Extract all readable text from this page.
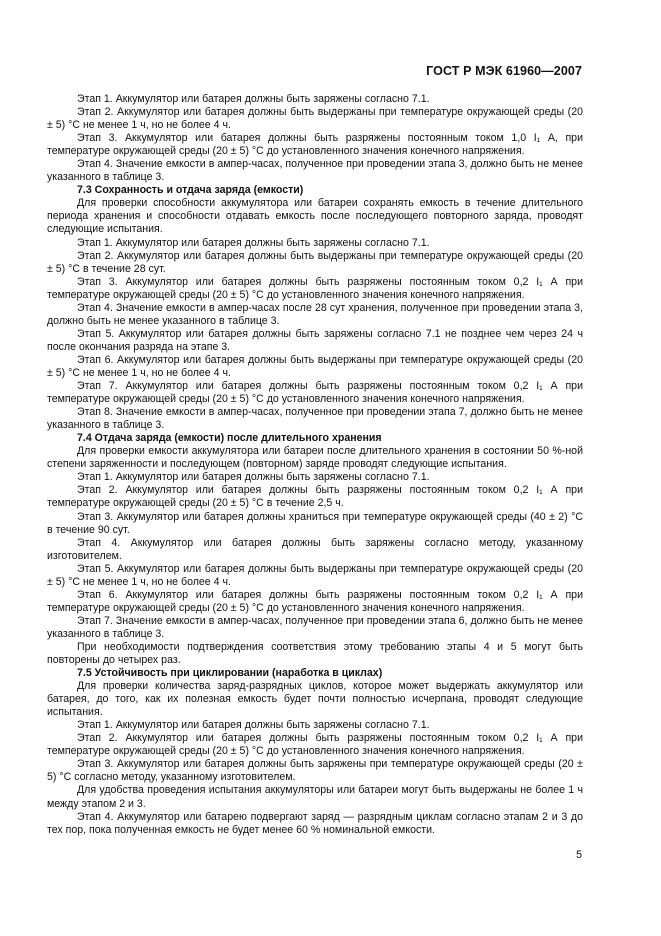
ГОСТ Р МЭК 61960—2007

Этап 1. Аккумулятор или батарея должны быть заряжены согласно 7.1.

Этап 2. Аккумулятор или батарея должны быть выдержаны при температуре окружающей среды (20 ± 5) °С не менее 1 ч, но не более 4 ч.

Этап 3. Аккумулятор или батарея должны быть разряжены постоянным током 1,0 I₁ А, при температуре окружающей среды (20 ± 5) °С до установленного значения конечного напряжения.

Этап 4. Значение емкости в ампер-часах, полученное при проведении этапа 3, должно быть не менее указанного в таблице 3.

7.3 Сохранность и отдача заряда (емкости)

Для проверки способности аккумулятора или батареи сохранять емкость в течение длительного периода хранения и способности отдавать емкость после последующего повторного заряда, проводят следующие испытания.

Этап 1. Аккумулятор или батарея должны быть заряжены согласно 7.1.

Этап 2. Аккумулятор или батарея должны быть выдержаны при температуре окружающей среды (20 ± 5) °С в течение 28 сут.

Этап 3. Аккумулятор или батарея должны быть разряжены постоянным током 0,2 I₁ А при температуре окружающей среды (20 ± 5) °С до установленного значения конечного напряжения.

Этап 4. Значение емкости в ампер-часах после 28 сут хранения, полученное при проведении этапа 3, должно быть не менее указанного в таблице 3.

Этап 5. Аккумулятор или батарея должны быть заряжены согласно 7.1 не позднее чем через 24 ч после окончания разряда на этапе 3.

Этап 6. Аккумулятор или батарея должны быть выдержаны при температуре окружающей среды (20 ± 5) °С не менее 1 ч, но не более 4 ч.

Этап 7. Аккумулятор или батарея должны быть разряжены постоянным током 0,2 I₁ А при температуре окружающей среды (20 ± 5) °С до установленного значения конечного напряжения.

Этап 8. Значение емкости в ампер-часах, полученное при проведении этапа 7, должно быть не менее указанного в таблице 3.

7.4 Отдача заряда (емкости) после длительного хранения

Для проверки емкости аккумулятора или батареи после длительного хранения в состоянии 50 %-ной степени заряженности и последующем (повторном) заряде проводят следующие испытания.

Этап 1. Аккумулятор или батарея должны быть заряжены согласно 7.1.

Этап 2. Аккумулятор или батарея должны быть разряжены постоянным током 0,2 I₁ А при температуре окружающей среды (20 ± 5) °С в течение 2,5 ч.

Этап 3. Аккумулятор или батарея должны храниться при температуре окружающей среды (40 ± 2) °С в течение 90 сут.

Этап 4. Аккумулятор или батарея должны быть заряжены согласно методу, указанному изготовителем.

Этап 5. Аккумулятор или батарея должны быть выдержаны при температуре окружающей среды (20 ± 5) °С не менее 1 ч, но не более 4 ч.

Этап 6. Аккумулятор или батарея должны быть разряжены постоянным током 0,2 I₁ А при температуре окружающей среды (20 ± 5) °С до установленного значения конечного напряжения.

Этап 7. Значение емкости в ампер-часах, полученное при проведении этапа 6, должно быть не менее указанного в таблице 3.

При необходимости подтверждения соответствия этому требованию этапы 4 и 5 могут быть повторены до четырех раз.

7.5 Устойчивость при циклировании (наработка в циклах)

Для проверки количества заряд-разрядных циклов, которое может выдержать аккумулятор или батарея, до того, как их полезная емкость будет почти полностью исчерпана, проводят следующие испытания.

Этап 1. Аккумулятор или батарея должны быть заряжены согласно 7.1.

Этап 2. Аккумулятор или батарея должны быть разряжены постоянным током 0,2 I₁ А при температуре окружающей среды (20 ± 5) °С до установленного значения конечного напряжения.

Этап 3. Аккумулятор или батарея должны быть заряжены при температуре окружающей среды (20 ± 5) °С согласно методу, указанному изготовителем.

Для удобства проведения испытания аккумуляторы или батареи могут быть выдержаны не более 1 ч между этапом 2 и 3.

Этап 4. Аккумулятор или батарею подвергают заряд — разрядным циклам согласно этапам 2 и 3 до тех пор, пока полученная емкость не будет менее 60 % номинальной емкости.

5
